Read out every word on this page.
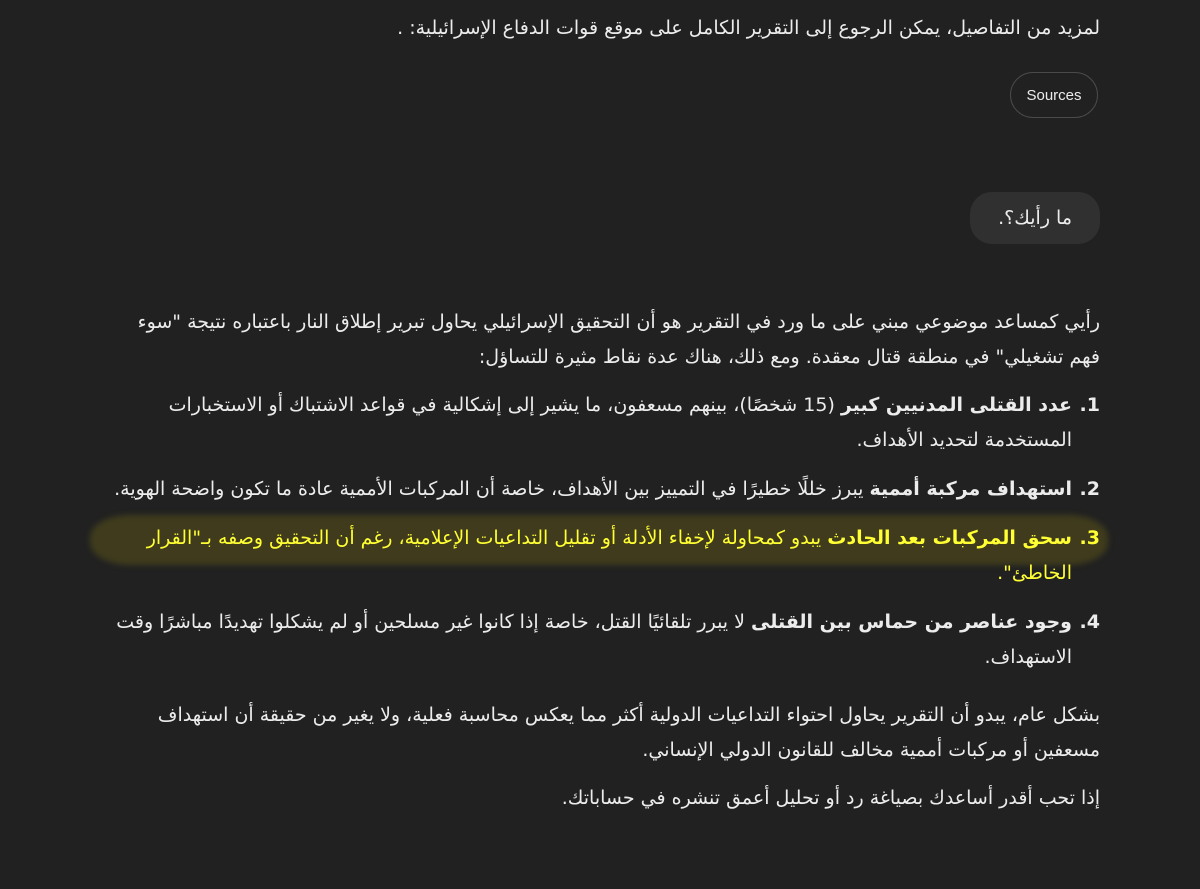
لمزيد من التفاصيل، يمكن الرجوع إلى التقرير الكامل على موقع قوات الدفاع الإسرائيلية: .

Sources
ما رأيك؟.

رأيي كمساعد موضوعي مبني على ما ورد في التقرير هو أن التحقيق الإسرائيلي يحاول تبرير إطلاق النار باعتباره نتيجة "سوء فهم تشغيلي" في منطقة قتال معقدة. ومع ذلك، هناك عدة نقاط مثيرة للتساؤل:

1.
عدد القتلى المدنيين كبير (15 شخصًا)، بينهم مسعفون، ما يشير إلى إشكالية في قواعد الاشتباك أو الاستخبارات المستخدمة لتحديد الأهداف.
2.
استهداف مركبة أممية يبرز خللًا خطيرًا في التمييز بين الأهداف، خاصة أن المركبات الأممية عادة ما تكون واضحة الهوية.
3.
سحق المركبات بعد الحادث يبدو كمحاولة لإخفاء الأدلة أو تقليل التداعيات الإعلامية، رغم أن التحقيق وصفه بـ"القرار الخاطئ".
4.
وجود عناصر من حماس بين القتلى لا يبرر تلقائيًا القتل، خاصة إذا كانوا غير مسلحين أو لم يشكلوا تهديدًا مباشرًا وقت الاستهداف.

بشكل عام، يبدو أن التقرير يحاول احتواء التداعيات الدولية أكثر مما يعكس محاسبة فعلية، ولا يغير من حقيقة أن استهداف مسعفين أو مركبات أممية مخالف للقانون الدولي الإنساني.

إذا تحب أقدر أساعدك بصياغة رد أو تحليل أعمق تنشره في حساباتك.
